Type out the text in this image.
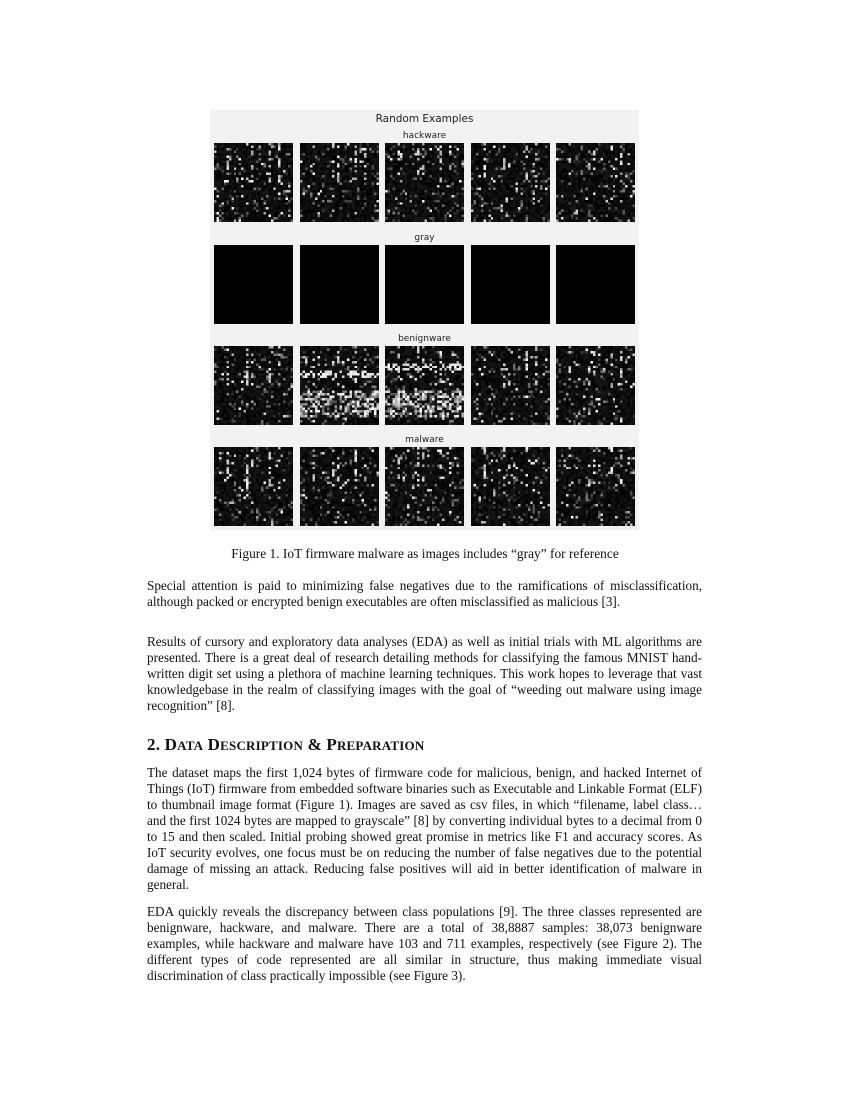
Random Examples
hackware
gray
benignware
malware
Figure 1. IoT firmware malware as images includes “gray” for reference

Special attention is paid to minimizing false negatives due to the ramifications of misclassification, although packed or encrypted benign executables are often misclassified as malicious [3].

Results of cursory and exploratory data analyses (EDA) as well as initial trials with ML algorithms are presented. There is a great deal of research detailing methods for classifying the famous MNIST hand-written digit set using a plethora of machine learning techniques. This work hopes to leverage that vast knowledgebase in the realm of classifying images with the goal of “weeding out malware using image recognition” [8].

2. DATA DESCRIPTION & PREPARATION

The dataset maps the first 1,024 bytes of firmware code for malicious, benign, and hacked Internet of Things (IoT) firmware from embedded software binaries such as Executable and Linkable Format (ELF) to thumbnail image format (Figure 1). Images are saved as csv files, in which “filename, label class… and the first 1024 bytes are mapped to grayscale” [8] by converting individual bytes to a decimal from 0 to 15 and then scaled. Initial probing showed great promise in metrics like F1 and accuracy scores. As IoT security evolves, one focus must be on reducing the number of false negatives due to the potential damage of missing an attack. Reducing false positives will aid in better identification of malware in general.

EDA quickly reveals the discrepancy between class populations [9]. The three classes represented are benignware, hackware, and malware. There are a total of 38,8887 samples: 38,073 benignware examples, while hackware and malware have 103 and 711 examples, respectively (see Figure 2). The different types of code represented are all similar in structure, thus making immediate visual discrimination of class practically impossible (see Figure 3).
